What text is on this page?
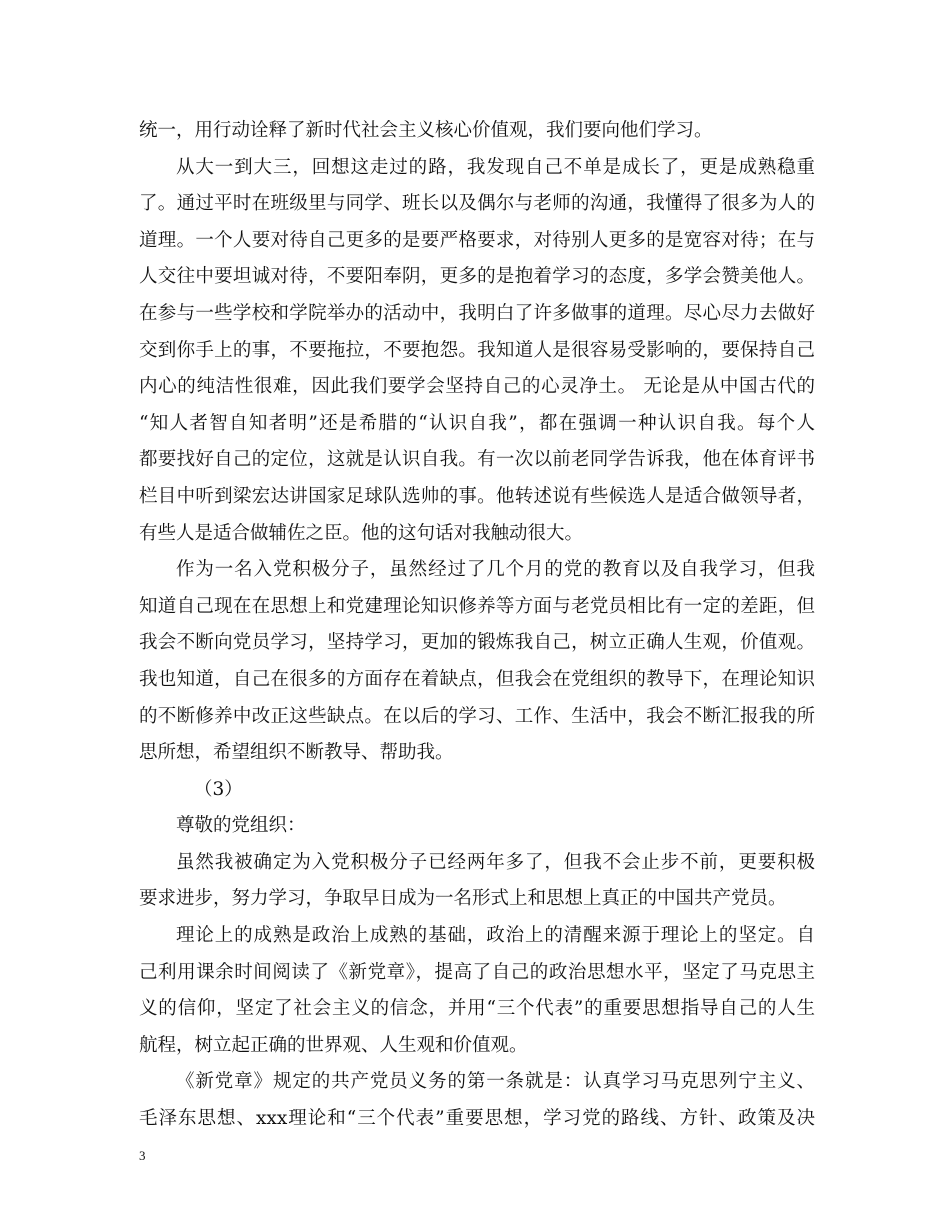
统一，用行动诠释了新时代社会主义核心价值观，我们要向他们学习。
从大一到大三，回想这走过的路，我发现自己不单是成长了，更是成熟稳重
了。通过平时在班级里与同学、班长以及偶尔与老师的沟通，我懂得了很多为人的
道理。一个人要对待自己更多的是要严格要求，对待别人更多的是宽容对待；在与
人交往中要坦诚对待，不要阳奉阴，更多的是抱着学习的态度，多学会赞美他人。
在参与一些学校和学院举办的活动中，我明白了许多做事的道理。尽心尽力去做好
交到你手上的事，不要拖拉，不要抱怨。我知道人是很容易受影响的，要保持自己
内心的纯洁性很难，因此我们要学会坚持自己的心灵净土。 无论是从中国古代的
“知人者智自知者明”还是希腊的“认识自我”，都在强调一种认识自我。每个人
都要找好自己的定位，这就是认识自我。有一次以前老同学告诉我，他在体育评书
栏目中听到梁宏达讲国家足球队选帅的事。他转述说有些候选人是适合做领导者，
有些人是适合做辅佐之臣。他的这句话对我触动很大。
作为一名入党积极分子，虽然经过了几个月的党的教育以及自我学习，但我
知道自己现在在思想上和党建理论知识修养等方面与老党员相比有一定的差距，但
我会不断向党员学习，坚持学习，更加的锻炼我自己，树立正确人生观，价值观。
我也知道，自己在很多的方面存在着缺点，但我会在党组织的教导下，在理论知识
的不断修养中改正这些缺点。在以后的学习、工作、生活中，我会不断汇报我的所
思所想，希望组织不断教导、帮助我。
（3）
尊敬的党组织：
虽然我被确定为入党积极分子已经两年多了，但我不会止步不前，更要积极
要求进步，努力学习，争取早日成为一名形式上和思想上真正的中国共产党员。
理论上的成熟是政治上成熟的基础，政治上的清醒来源于理论上的坚定。自
己利用课余时间阅读了《新党章》，提高了自己的政治思想水平，坚定了马克思主
义的信仰，坚定了社会主义的信念，并用“三个代表”的重要思想指导自己的人生
航程，树立起正确的世界观、人生观和价值观。
《新党章》规定的共产党员义务的第一条就是：认真学习马克思列宁主义、
毛泽东思想、xxx理论和“三个代表”重要思想，学习党的路线、方针、政策及决
3
